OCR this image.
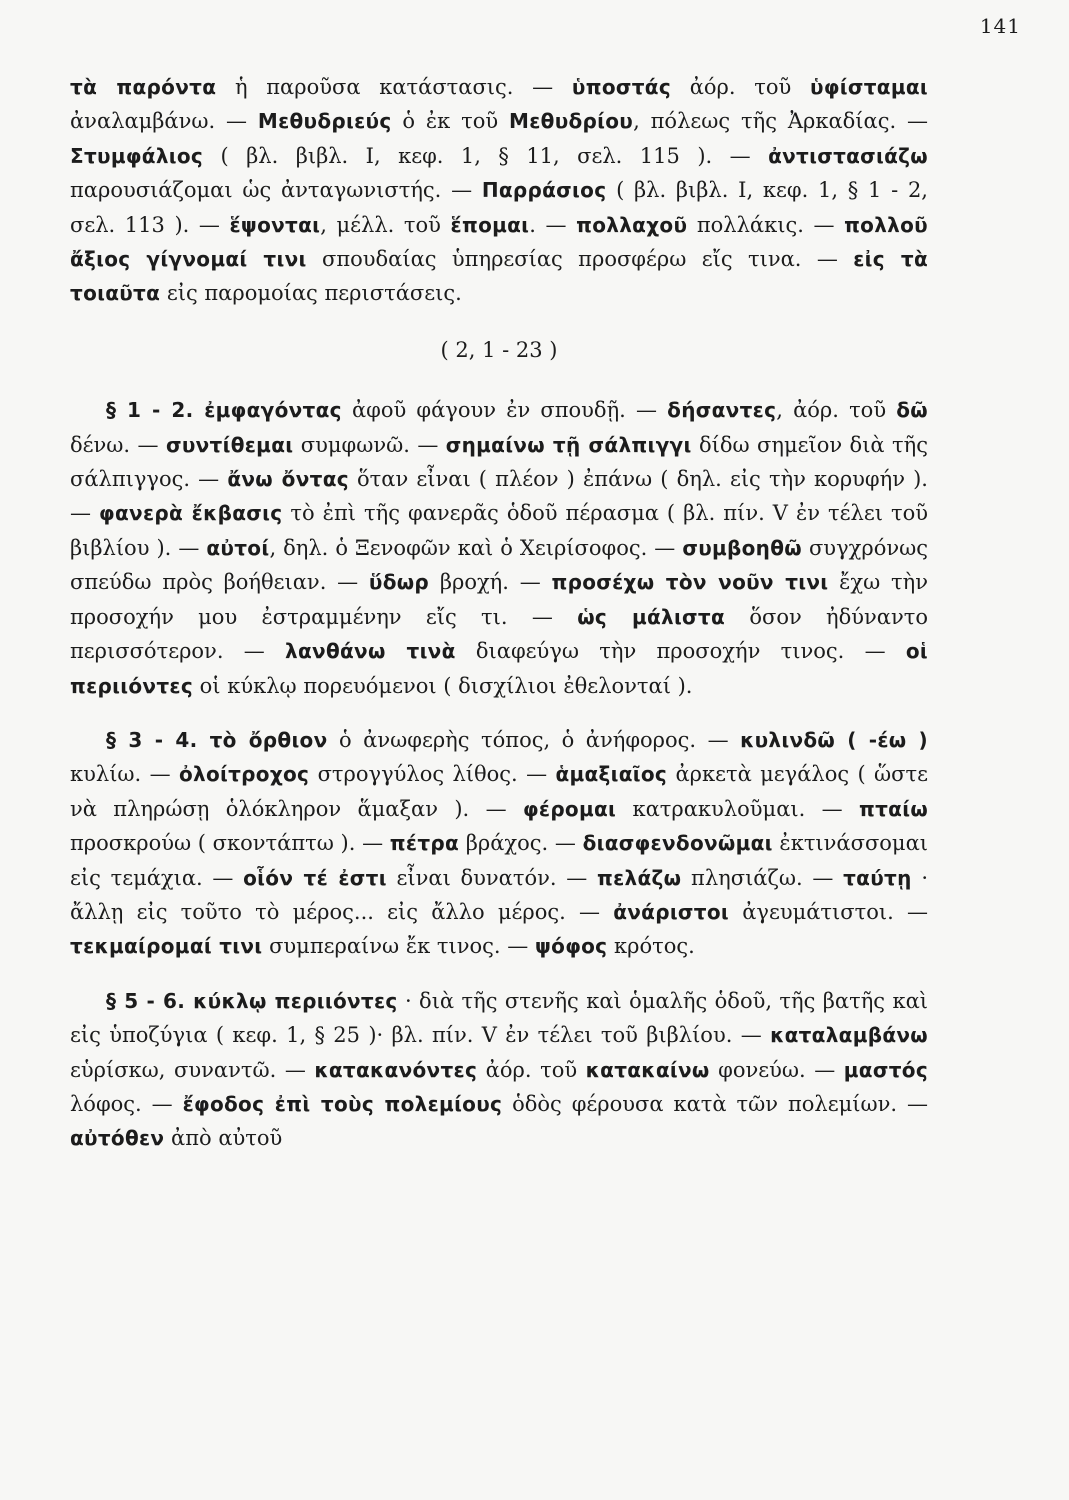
141

τὰ παρόντα ἡ παροῦσα κατάστασις. — ὑποστάς ἀόρ. τοῦ ὑφίσταμαι ἀναλαμβάνω. — Μεθυδριεύς ὁ ἐκ τοῦ Μεθυδρίου, πόλεως τῆς Ἀρκαδίας. — Στυμφάλιος ( βλ. βιβλ. Ι, κεφ. 1, § 11, σελ. 115 ). — ἀντιστασιάζω παρουσιάζομαι ὡς ἀνταγωνιστής. — Παρράσιος ( βλ. βιβλ. Ι, κεφ. 1, § 1 - 2, σελ. 113 ). — ἕψονται, μέλλ. τοῦ ἕπομαι. — πολλαχοῦ πολλάκις. — πολλοῦ ἄξιος γίγνομαί τινι σπουδαίας ὑπηρεσίας προσφέρω εἴς τινα. — εἰς τὰ τοιαῦτα εἰς παρομοίας περιστάσεις.

( 2, 1 - 23 )

§ 1 - 2. ἐμφαγόντας ἀφοῦ φάγουν ἐν σπουδῇ. — δήσαντες, ἀόρ. τοῦ δῶ δένω. — συντίθεμαι συμφωνῶ. — σημαίνω τῇ σάλπιγγι δίδω σημεῖον διὰ τῆς σάλπιγγος. — ἄνω ὄντας ὅταν εἶναι ( πλέον ) ἐπάνω ( δηλ. εἰς τὴν κορυφήν ). — φανερὰ ἔκβασις τὸ ἐπὶ τῆς φανερᾶς ὁδοῦ πέρασμα ( βλ. πίν. V ἐν τέλει τοῦ βιβλίου ). — αὐτοί, δηλ. ὁ Ξενοφῶν καὶ ὁ Χειρίσοφος. — συμβοηθῶ συγχρόνως σπεύδω πρὸς βοήθειαν. — ὕδωρ βροχή. — προσέχω τὸν νοῦν τινι ἔχω τὴν προσοχήν μου ἐστραμμένην εἴς τι. — ὡς μάλιστα ὅσον ἠδύναντο περισσότερον. — λανθάνω τινὰ διαφεύγω τὴν προσοχήν τινος. — οἱ περιιόντες οἱ κύκλῳ πορευόμενοι ( δισχίλιοι ἐθελονταί ).

§ 3 - 4. τὸ ὄρθιον ὁ ἀνωφερὴς τόπος, ὁ ἀνήφορος. — κυλινδῶ ( -έω ) κυλίω. — ὀλοίτροχος στρογγύλος λίθος. — ἁμαξιαῖος ἀρκετὰ μεγάλος ( ὥστε νὰ πληρώσῃ ὁλόκληρον ἅμαξαν ). — φέρομαι κατρακυλοῦμαι. — πταίω προσκρούω ( σκοντάπτω ). — πέτρα βράχος. — διασφενδονῶμαι ἐκτινάσσομαι εἰς τεμάχια. — οἷόν τέ ἐστι εἶναι δυνατόν. — πελάζω πλησιάζω. — ταύτῃ · ἄλλῃ εἰς τοῦτο τὸ μέρος... εἰς ἄλλο μέρος. — ἀνάριστοι ἀγευμάτιστοι. — τεκμαίρομαί τινι συμπεραίνω ἔκ τινος. — ψόφος κρότος.

§ 5 - 6. κύκλῳ περιιόντες · διὰ τῆς στενῆς καὶ ὁμαλῆς ὁδοῦ, τῆς βατῆς καὶ εἰς ὑποζύγια ( κεφ. 1, § 25 )· βλ. πίν. V ἐν τέλει τοῦ βιβλίου. — καταλαμβάνω εὑρίσκω, συναντῶ. — κατακανόντες ἀόρ. τοῦ κατακαίνω φονεύω. — μαστός λόφος. — ἔφοδος ἐπὶ τοὺς πολεμίους ὁδὸς φέρουσα κατὰ τῶν πολεμίων. — αὐτόθεν ἀπὸ αὐτοῦ
